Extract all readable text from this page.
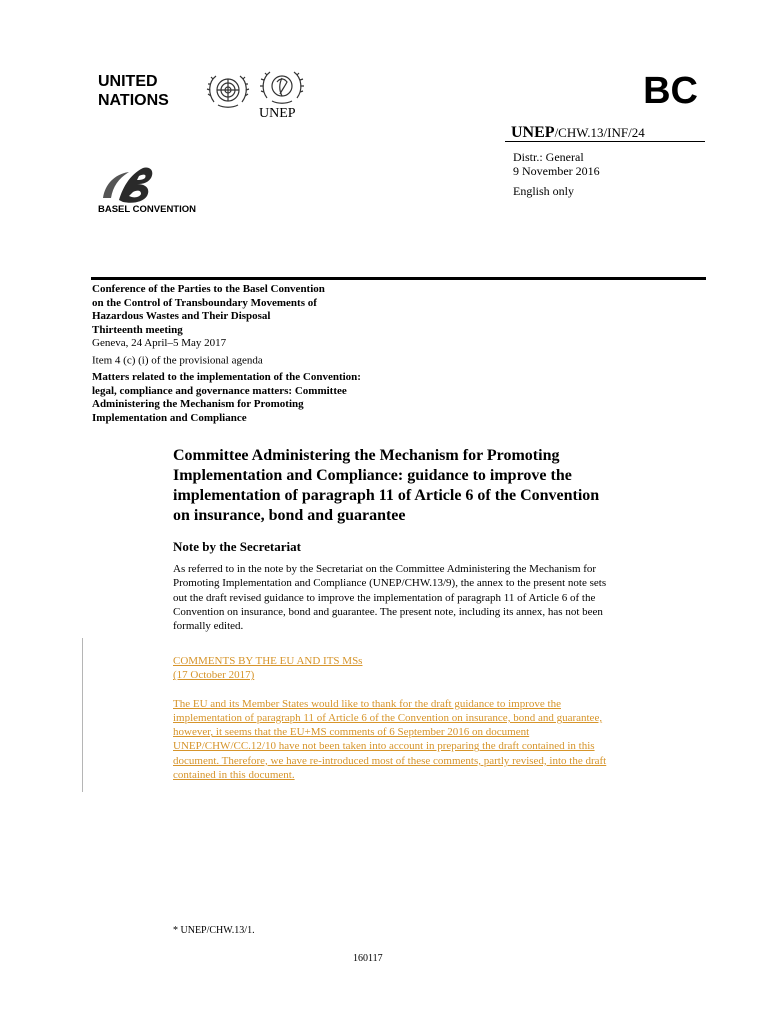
UNITED
NATIONS
UNEP
BC
UNEP/CHW.13/INF/24
Distr.: General
9 November 2016
English only
BASEL CONVENTION
Conference of the Parties to the Basel Convention
on the Control of Transboundary Movements of
Hazardous Wastes and Their Disposal
Thirteenth meeting
Geneva, 24 April–5 May 2017
Item 4 (c) (i) of the provisional agenda
Matters related to the implementation of the Convention:
legal, compliance and governance matters: Committee
Administering the Mechanism for Promoting
Implementation and Compliance
Committee Administering the Mechanism for Promoting
Implementation and Compliance: guidance to improve the
implementation of paragraph 11 of Article 6 of the Convention
on insurance, bond and guarantee
Note by the Secretariat
As referred to in the note by the Secretariat on the Committee Administering the Mechanism for
Promoting Implementation and Compliance (UNEP/CHW.13/9), the annex to the present note sets
out the draft revised guidance to improve the implementation of paragraph 11 of Article 6 of the
Convention on insurance, bond and guarantee. The present note, including its annex, has not been
formally edited.
COMMENTS BY THE EU AND ITS MSs
(17 October 2017)
The EU and its Member States would like to thank for the draft guidance to improve the
implementation of paragraph 11 of Article 6 of the Convention on insurance, bond and guarantee,
however, it seems that the EU+MS comments of 6 September 2016 on document
UNEP/CHW/CC.12/10 have not been taken into account in preparing the draft contained in this
document. Therefore, we have re-introduced most of these comments, partly revised, into the draft
contained in this document.
* UNEP/CHW.13/1.
160117
